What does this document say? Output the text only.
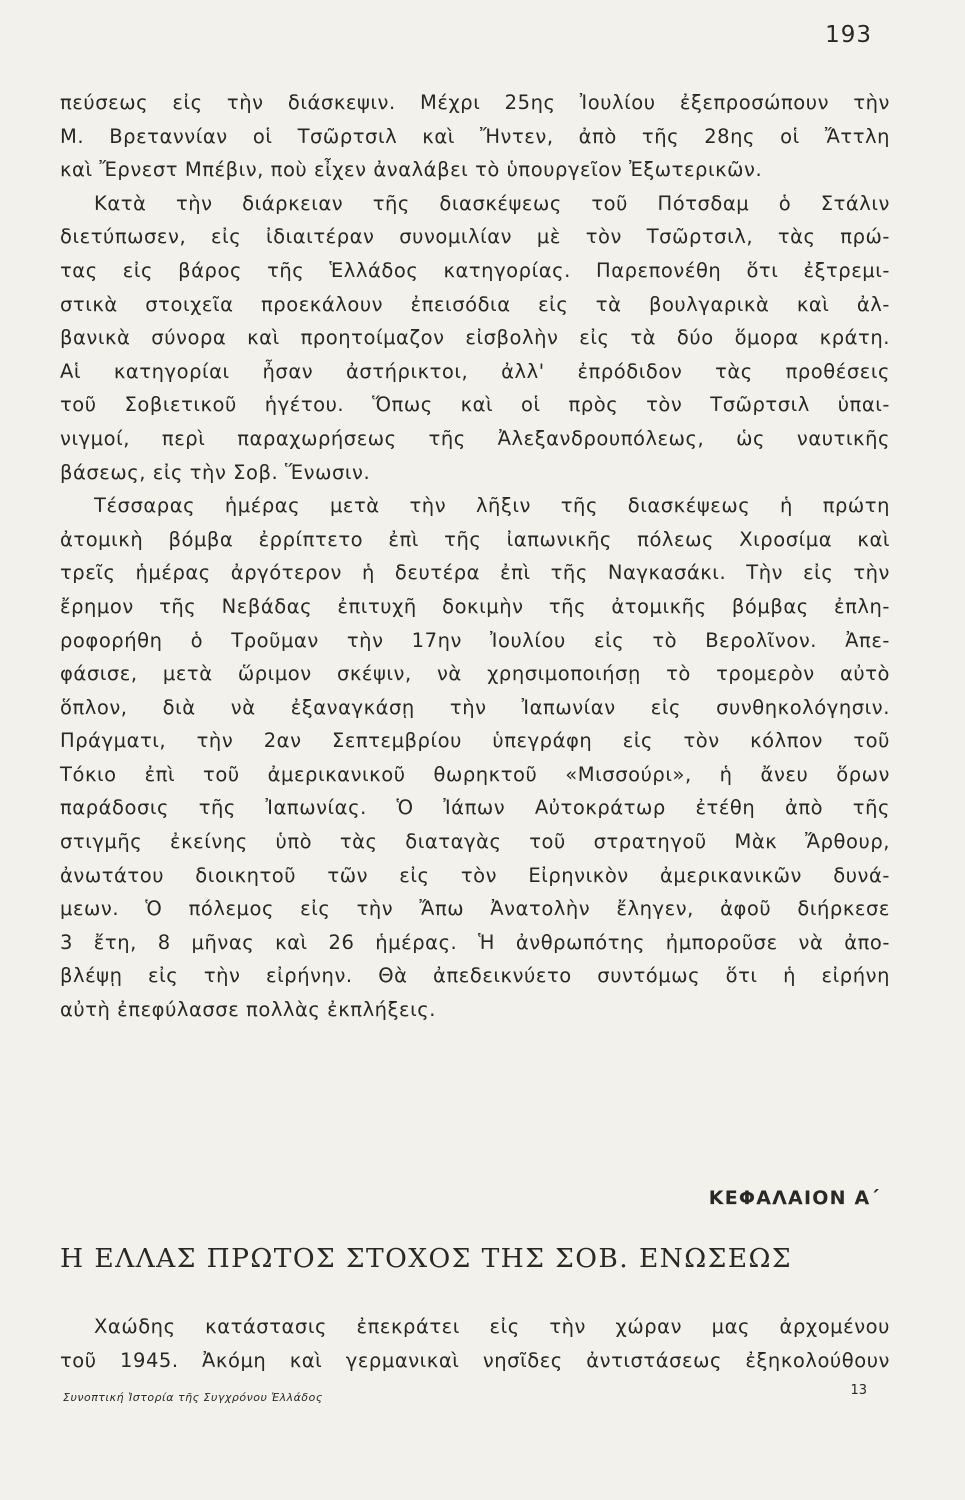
193
πεύσεως εἰς τὴν διάσκεψιν. Μέχρι 25ης Ἰουλίου ἐξεπροσώπουν τὴν
Μ. Βρεταννίαν οἱ Τσῶρτσιλ καὶ Ἤντεν, ἀπὸ τῆς 28ης οἱ Ἄττλη
καὶ Ἔρνεστ Μπέβιν, ποὺ εἶχεν ἀναλάβει τὸ ὑπουργεῖον Ἐξωτερικῶν.
Κατὰ τὴν διάρκειαν τῆς διασκέψεως τοῦ Πότσδαμ ὁ Στάλιν
διετύπωσεν, εἰς ἰδιαιτέραν συνομιλίαν μὲ τὸν Τσῶρτσιλ, τὰς πρώ-
τας εἰς βάρος τῆς Ἑλλάδος κατηγορίας. Παρεπονέθη ὅτι ἐξτρεμι-
στικὰ στοιχεῖα προεκάλουν ἐπεισόδια εἰς τὰ βουλγαρικὰ καὶ ἀλ-
βανικὰ σύνορα καὶ προητοίμαζον εἰσβολὴν εἰς τὰ δύο ὅμορα κράτη.
Αἱ κατηγορίαι ἦσαν ἀστήρικτοι, ἀλλ' ἐπρόδιδον τὰς προθέσεις
τοῦ Σοβιετικοῦ ἡγέτου. Ὅπως καὶ οἱ πρὸς τὸν Τσῶρτσιλ ὑπαι-
νιγμοί, περὶ παραχωρήσεως τῆς Ἀλεξανδρουπόλεως, ὡς ναυτικῆς
βάσεως, εἰς τὴν Σοβ. Ἕνωσιν.
Τέσσαρας ἡμέρας μετὰ τὴν λῆξιν τῆς διασκέψεως ἡ πρώτη
ἀτομικὴ βόμβα ἐρρίπτετο ἐπὶ τῆς ἰαπωνικῆς πόλεως Χιροσίμα καὶ
τρεῖς ἡμέρας ἀργότερον ἡ δευτέρα ἐπὶ τῆς Ναγκασάκι. Τὴν εἰς τὴν
ἔρημον τῆς Νεβάδας ἐπιτυχῆ δοκιμὴν τῆς ἀτομικῆς βόμβας ἐπλη-
ροφορήθη ὁ Τροῦμαν τὴν 17ην Ἰουλίου εἰς τὸ Βερολῖνον. Ἀπε-
φάσισε, μετὰ ὥριμον σκέψιν, νὰ χρησιμοποιήσῃ τὸ τρομερὸν αὐτὸ
ὅπλον, διὰ νὰ ἐξαναγκάσῃ τὴν Ἰαπωνίαν εἰς συνθηκολόγησιν.
Πράγματι, τὴν 2αν Σεπτεμβρίου ὑπεγράφη εἰς τὸν κόλπον τοῦ
Τόκιο ἐπὶ τοῦ ἀμερικανικοῦ θωρηκτοῦ «Μισσούρι», ἡ ἄνευ ὅρων
παράδοσις τῆς Ἰαπωνίας. Ὁ Ἰάπων Αὐτοκράτωρ ἐτέθη ἀπὸ τῆς
στιγμῆς ἐκείνης ὑπὸ τὰς διαταγὰς τοῦ στρατηγοῦ Μὰκ Ἄρθουρ,
ἀνωτάτου διοικητοῦ τῶν εἰς τὸν Εἰρηνικὸν ἀμερικανικῶν δυνά-
μεων. Ὁ πόλεμος εἰς τὴν Ἄπω Ἀνατολὴν ἔληγεν, ἀφοῦ διήρκεσε
3 ἔτη, 8 μῆνας καὶ 26 ἡμέρας. Ἡ ἀνθρωπότης ἠμποροῦσε νὰ ἀπο-
βλέψῃ εἰς τὴν εἰρήνην. Θὰ ἀπεδεικνύετο συντόμως ὅτι ἡ εἰρήνη
αὐτὴ ἐπεφύλασσε πολλὰς ἐκπλήξεις.
ΚΕΦΑΛΑΙΟΝ Α΄
Η ΕΛΛΑΣ ΠΡΩΤΟΣ ΣΤΟΧΟΣ ΤΗΣ ΣΟΒ. ΕΝΩΣΕΩΣ
Χαώδης κατάστασις ἐπεκράτει εἰς τὴν χώραν μας ἀρχομένου
τοῦ 1945. Ἀκόμη καὶ γερμανικαὶ νησῖδες ἀντιστάσεως ἐξηκολούθουν
Συνοπτική Ἱστορία τῆς Συγχρόνου Ἑλλάδος	13
